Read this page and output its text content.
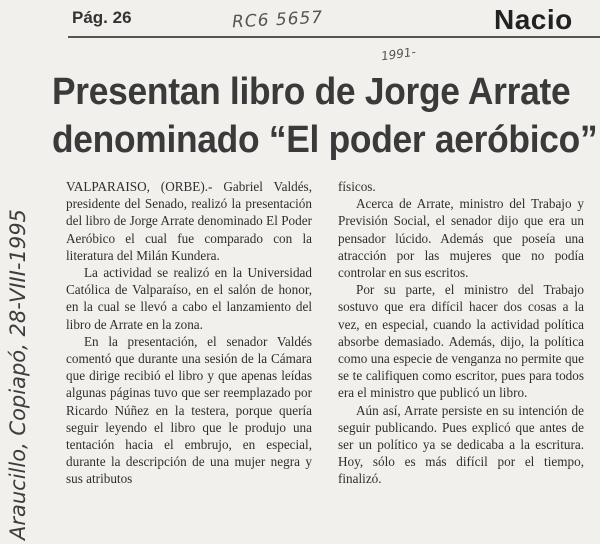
Pág. 26	RC6 5657
1991-
Nacio
Presentan libro de Jorge Arrate
denominado “El poder aeróbico”
Araucillo, Copiapó, 28-VIII-1995

VALPARAISO, (ORBE).- Gabriel Valdés, presidente del Senado, realizó la presentación del libro de Jorge Arrate denominado El Poder Aeróbico el cual fue comparado con la literatura del Milán Kundera.

La actividad se realizó en la Universidad Católica de Valparaíso, en el salón de honor, en la cual se llevó a cabo el lanzamiento del libro de Arrate en la zona.

En la presentación, el senador Valdés comentó que durante una sesión de la Cámara que dirige recibió el libro y que apenas leídas algunas páginas tuvo que ser reemplazado por Ricardo Núñez en la testera, porque quería seguir leyendo el libro que le produjo una tentación hacia el embrujo, en especial, durante la descripción de una mujer negra y sus atributos

físicos.

Acerca de Arrate, ministro del Trabajo y Previsión Social, el senador dijo que era un pensador lúcido. Además que poseía una atracción por las mujeres que no podía controlar en sus escritos.

Por su parte, el ministro del Trabajo sostuvo que era difícil hacer dos cosas a la vez, en especial, cuando la actividad política absorbe demasiado. Además, dijo, la política como una especie de venganza no permite que se te califiquen como escritor, pues para todos era el ministro que publicó un libro.

Aún así, Arrate persiste en su intención de seguir publicando. Pues explicó que antes de ser un político ya se dedicaba a la escritura. Hoy, sólo es más difícil por el tiempo, finalizó.
